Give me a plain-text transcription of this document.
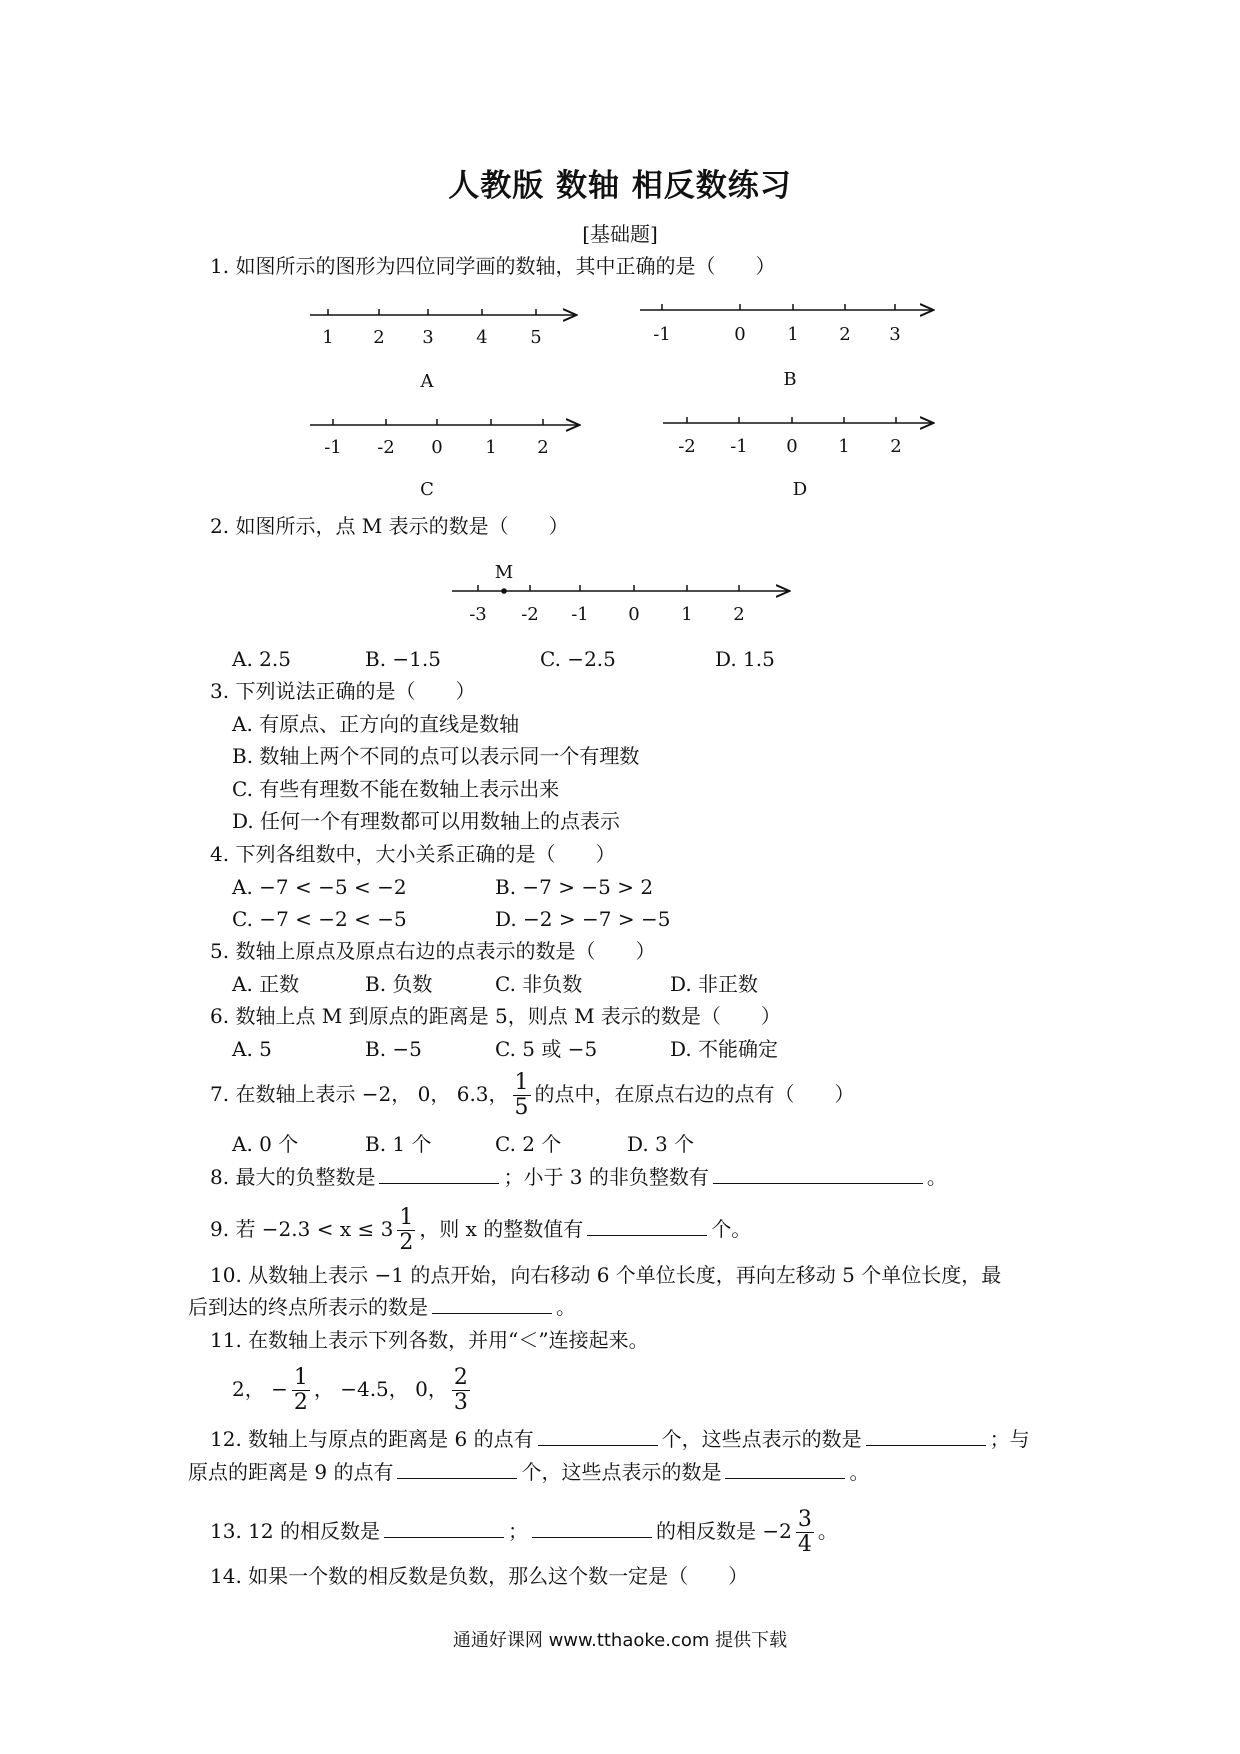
人教版 数轴 相反数练习
[基础题]
1. 如图所示的图形为四位同学画的数轴，其中正确的是（　　）
1 2 3 4 5
A
-1	0 1 2 3
B
-1 -2 0 1 2
C
-2 -1 0 1 2
D
M
-3 -2 -1 0 1 2
2. 如图所示，点 M 表示的数是（　　）
A. 2.5	B. −1.5	C. −2.5	D. 1.5
3. 下列说法正确的是（　　）
A. 有原点、正方向的直线是数轴
B. 数轴上两个不同的点可以表示同一个有理数
C. 有些有理数不能在数轴上表示出来
D. 任何一个有理数都可以用数轴上的点表示
4. 下列各组数中，大小关系正确的是（　　）
A. −7 < −5 < −2	B. −7 > −5 > 2
C. −7 < −2 < −5	D. −2 > −7 > −5
5. 数轴上原点及原点右边的点表示的数是（　　）
A. 正数	B. 负数	C. 非负数	D. 非正数
6. 数轴上点 M 到原点的距离是 5，则点 M 表示的数是（　　）
A. 5	B. −5	C. 5 或 −5	D. 不能确定
7. 在数轴上表示 −2， 0， 6.3， $\frac{1}{5}$ 的点中，在原点右边的点有（　　）
A. 0 个	B. 1 个	C. 2 个	D. 3 个
8. 最大的负整数是	；小于 3 的非负整数有	。
9. 若 $-2.3 < x \le 3 \frac{1}{2}$ ，则 x 的整数值有	个。
10. 从数轴上表示 −1 的点开始，向右移动 6 个单位长度，再向左移动 5 个单位长度，最
后到达的终点所表示的数是	。
11. 在数轴上表示下列各数，并用“＜”连接起来。
2， − $\frac{1}{2}$ ， −4.5， 0， $\frac{2}{3}$
12. 数轴上与原点的距离是 6 的点有	个，这些点表示的数是	；与
原点的距离是 9 的点有	个，这些点表示的数是	。
13. 12 的相反数是	；	的相反数是 $-2 \frac{3}{4}$ 。
14. 如果一个数的相反数是负数，那么这个数一定是（　　）
通通好课网 www.tthaoke.com 提供下载
